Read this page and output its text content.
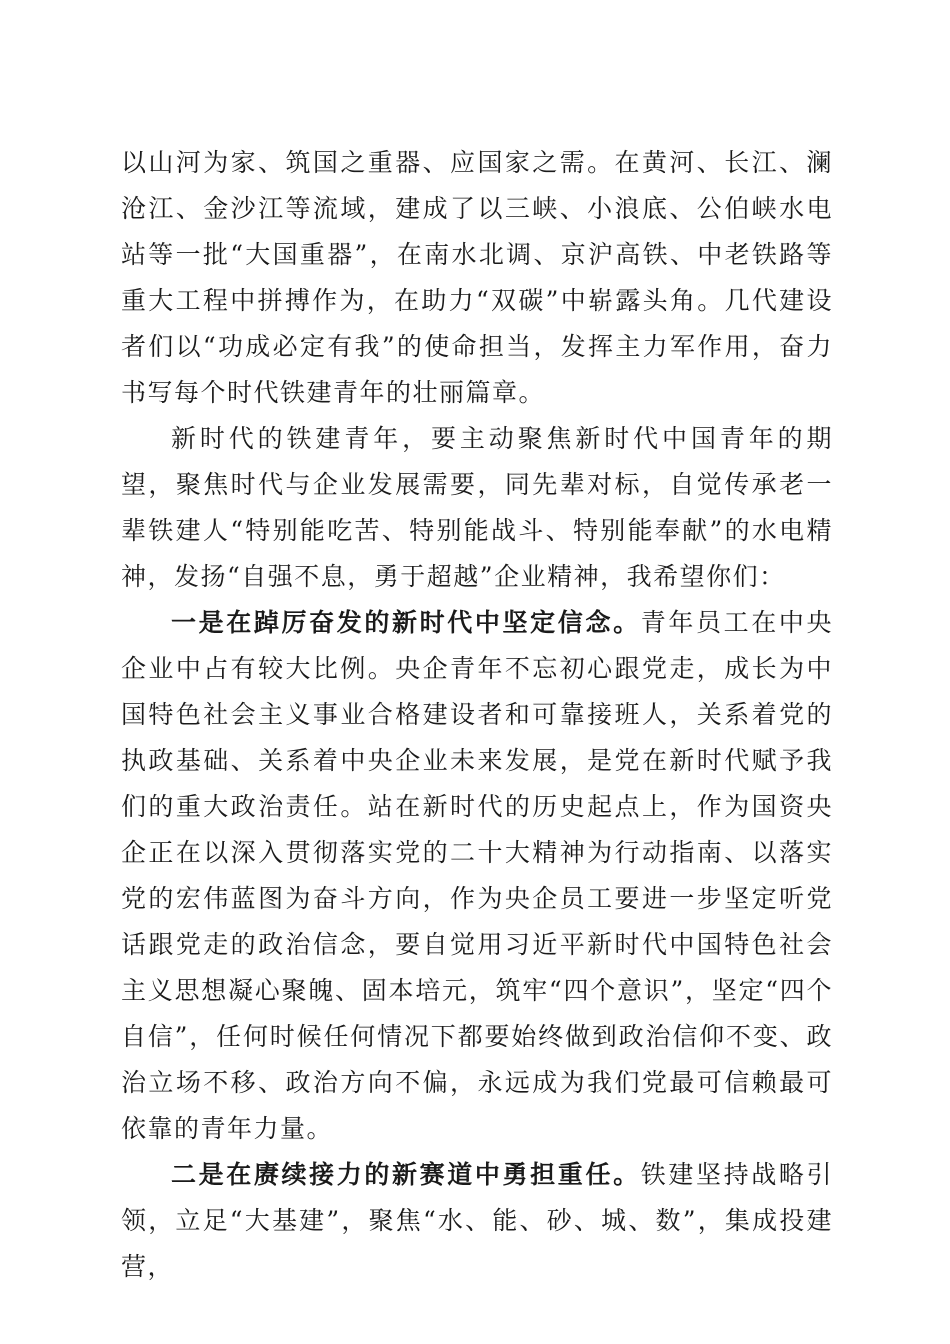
以山河为家、筑国之重器、应国家之需。在黄河、长江、澜沧江、金沙江等流域，建成了以三峡、小浪底、公伯峡水电站等一批“大国重器”，在南水北调、京沪高铁、中老铁路等重大工程中拼搏作为，在助力“双碳”中崭露头角。几代建设者们以“功成必定有我”的使命担当，发挥主力军作用，奋力书写每个时代铁建青年的壮丽篇章。

新时代的铁建青年，要主动聚焦新时代中国青年的期望，聚焦时代与企业发展需要，同先辈对标，自觉传承老一辈铁建人“特别能吃苦、特别能战斗、特别能奉献”的水电精神，发扬“自强不息，勇于超越”企业精神，我希望你们：

一是在踔厉奋发的新时代中坚定信念。青年员工在中央企业中占有较大比例。央企青年不忘初心跟党走，成长为中国特色社会主义事业合格建设者和可靠接班人，关系着党的执政基础、关系着中央企业未来发展，是党在新时代赋予我们的重大政治责任。站在新时代的历史起点上，作为国资央企正在以深入贯彻落实党的二十大精神为行动指南、以落实党的宏伟蓝图为奋斗方向，作为央企员工要进一步坚定听党话跟党走的政治信念，要自觉用习近平新时代中国特色社会主义思想凝心聚魄、固本培元，筑牢“四个意识”，坚定“四个自信”，任何时候任何情况下都要始终做到政治信仰不变、政治立场不移、政治方向不偏，永远成为我们党最可信赖最可依靠的青年力量。

二是在赓续接力的新赛道中勇担重任。铁建坚持战略引领，立足“大基建”，聚焦“水、能、砂、城、数”，集成投建营，
